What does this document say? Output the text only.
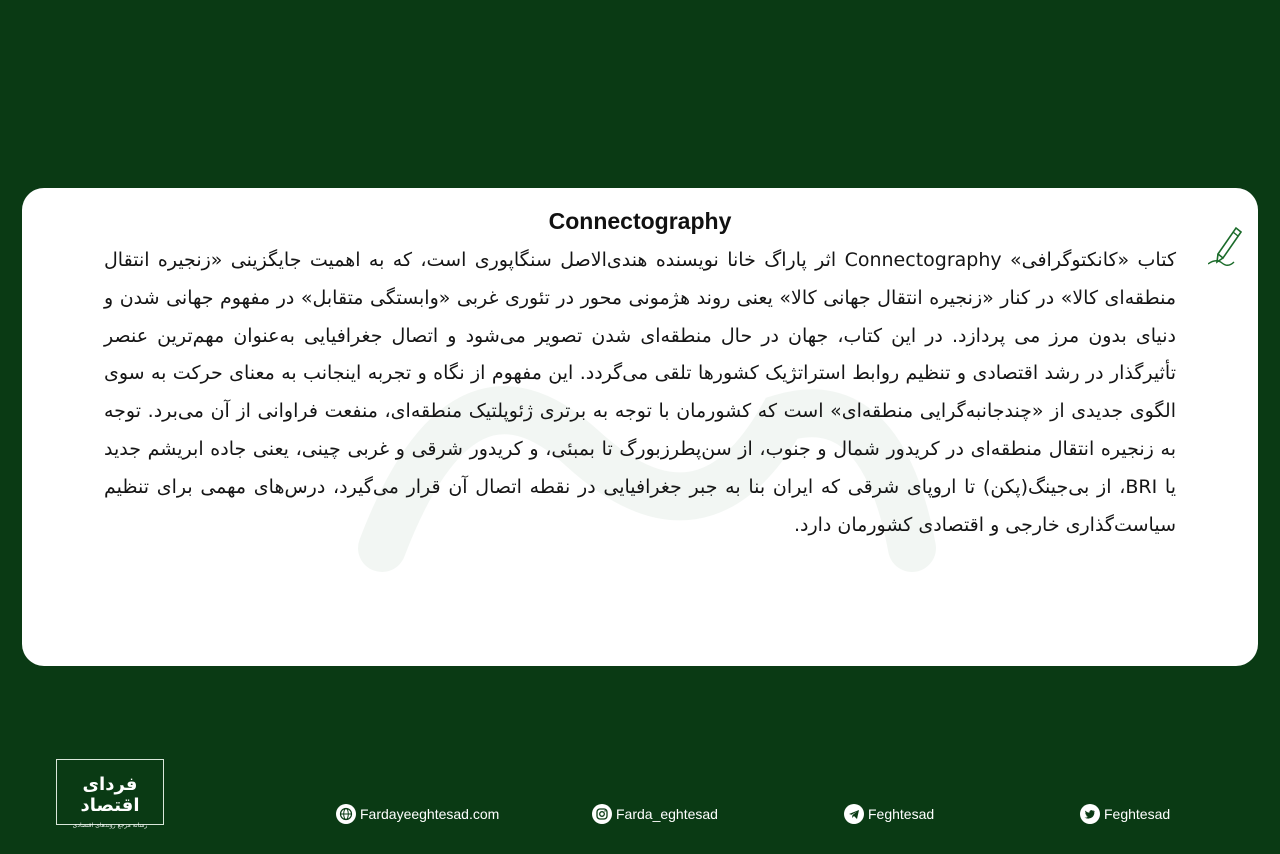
Connectography

کتاب «کانکتوگرافی» Connectography اثر پاراگ خانا نویسنده هندی‌الاصل سنگاپوری است، که به اهمیت جایگزینی «زنجیره انتقال منطقه‌ای کالا» در کنار «زنجیره انتقال جهانی کالا» یعنی روند هژمونی محور در تئوری غربی «وابستگی متقابل» در مفهوم جهانی شدن و دنیای بدون مرز می پردازد. در این کتاب، جهان در حال منطقه‌ای شدن تصویر می‌شود و اتصال جغرافیایی به‌عنوان مهم‌ترین عنصر تأثیرگذار در رشد اقتصادی و تنظیم روابط استراتژیک کشورها تلقی می‌گردد. این مفهوم از نگاه و تجربه اینجانب به معنای حرکت به سوی الگوی جدیدی از «چندجانبه‌گرایی منطقه‌ای» است که کشورمان با توجه به برتری ژئوپلتیک منطقه‌ای، منفعت فراوانی از آن می‌برد. توجه به زنجیره انتقال منطقه‌ای در کریدور شمال و جنوب، از سن‌پطرزبورگ تا بمبئی، و کریدور شرقی و غربی چینی، یعنی جاده ابریشم جدید یا BRI، از بی‌جینگ(پکن) تا اروپای شرقی که ایران بنا به جبر جغرافیایی در نقطه اتصال آن قرار می‌گیرد، درس‌های مهمی برای تنظیم سیاست‌گذاری خارجی و اقتصادی کشورمان دارد.

فردای اقتصاد
رسانه مرجع روندهای اقتصادی
Fardayeeghtesad.com	Farda_eghtesad	Feghtesad	Feghtesad
